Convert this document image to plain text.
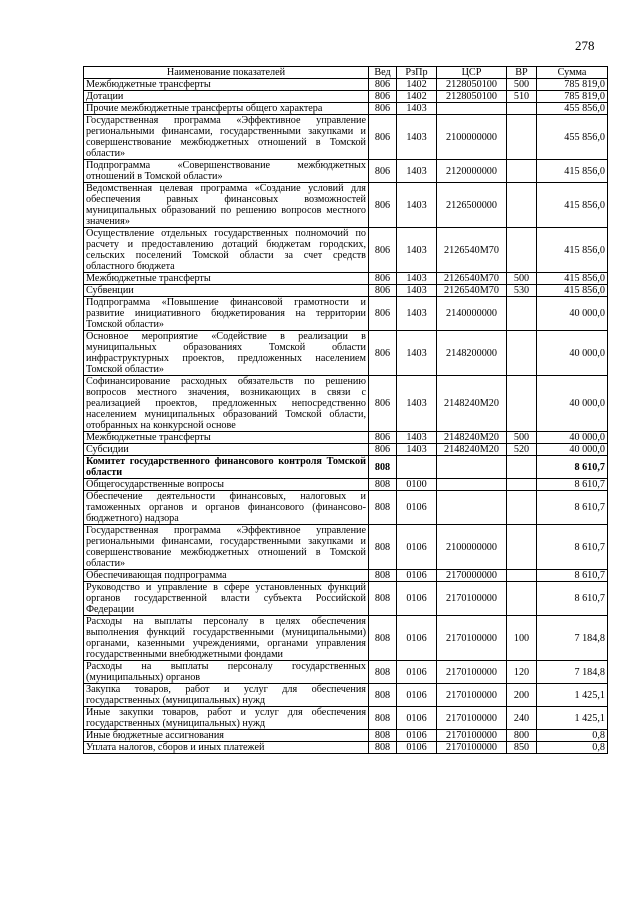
278
Наименование показателей	Вед	РзПр	ЦСР	ВР	Сумма
Межбюджетные трансферты	806	1402	2128050100	500	785 819,0
Дотации	806	1402	2128050100	510	785 819,0
Прочие межбюджетные трансферты общего характера	806	1403			455 856,0
Государственная программа «Эффективное управление региональными финансами, государственными закупками и совершенствование межбюджетных отношений в Томской области»	806	1403	2100000000		455 856,0
Подпрограмма «Совершенствование межбюджетных отношений в Томской области»	806	1403	2120000000		415 856,0
Ведомственная целевая программа «Создание условий для обеспечения равных финансовых возможностей муниципальных образований по решению вопросов местного значения»	806	1403	2126500000		415 856,0
Осуществление отдельных государственных полномочий по расчету и предоставлению дотаций бюджетам городских, сельских поселений Томской области за счет средств областного бюджета	806	1403	2126540М70		415 856,0
Межбюджетные трансферты	806	1403	2126540М70	500	415 856,0
Субвенции	806	1403	2126540М70	530	415 856,0
Подпрограмма «Повышение финансовой грамотности и развитие инициативного бюджетирования на территории Томской области»	806	1403	2140000000		40 000,0
Основное мероприятие «Содействие в реализации в муниципальных образованиях Томской области инфраструктурных проектов, предложенных населением Томской области»	806	1403	2148200000		40 000,0
Софинансирование расходных обязательств по решению вопросов местного значения, возникающих в связи с реализацией проектов, предложенных непосредственно населением муниципальных образований Томской области, отобранных на конкурсной основе	806	1403	2148240М20		40 000,0
Межбюджетные трансферты	806	1403	2148240М20	500	40 000,0
Субсидии	806	1403	2148240М20	520	40 000,0
Комитет государственного финансового контроля Томской области	808				8 610,7
Общегосударственные вопросы	808	0100			8 610,7
Обеспечение деятельности финансовых, налоговых и таможенных органов и органов финансового (финансово-бюджетного) надзора	808	0106			8 610,7
Государственная программа «Эффективное управление региональными финансами, государственными закупками и совершенствование межбюджетных отношений в Томской области»	808	0106	2100000000		8 610,7
Обеспечивающая подпрограмма	808	0106	2170000000		8 610,7
Руководство и управление в сфере установленных функций органов государственной власти субъекта Российской Федерации	808	0106	2170100000		8 610,7
Расходы на выплаты персоналу в целях обеспечения выполнения функций государственными (муниципальными) органами, казенными учреждениями, органами управления государственными внебюджетными фондами	808	0106	2170100000	100	7 184,8
Расходы на выплаты персоналу государственных (муниципальных) органов	808	0106	2170100000	120	7 184,8
Закупка товаров, работ и услуг для обеспечения государственных (муниципальных) нужд	808	0106	2170100000	200	1 425,1
Иные закупки товаров, работ и услуг для обеспечения государственных (муниципальных) нужд	808	0106	2170100000	240	1 425,1
Иные бюджетные ассигнования	808	0106	2170100000	800	0,8
Уплата налогов, сборов и иных платежей	808	0106	2170100000	850	0,8
